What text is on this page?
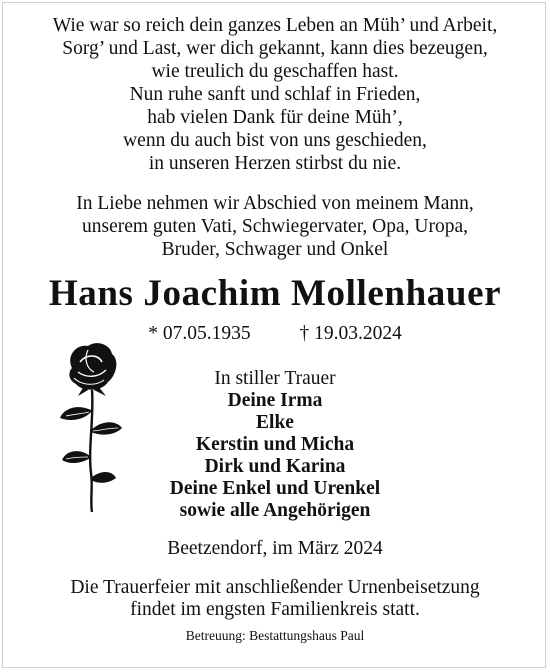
Wie war so reich dein ganzes Leben an Müh’ und Arbeit,
Sorg’ und Last, wer dich gekannt, kann dies bezeugen,
wie treulich du geschaffen hast.
Nun ruhe sanft und schlaf in Frieden,
hab vielen Dank für deine Müh’,
wenn du auch bist von uns geschieden,
in unseren Herzen stirbst du nie.
In Liebe nehmen wir Abschied von meinem Mann,
unserem guten Vati, Schwiegervater, Opa, Uropa,
Bruder, Schwager und Onkel
Hans Joachim Mollenhauer
* 07.05.1935	† 19.03.2024
In stiller Trauer
Deine Irma
Elke
Kerstin und Micha
Dirk und Karina
Deine Enkel und Urenkel
sowie alle Angehörigen
Beetzendorf, im März 2024
Die Trauerfeier mit anschließender Urnenbeisetzung
findet im engsten Familienkreis statt.
Betreuung: Bestattungshaus Paul
